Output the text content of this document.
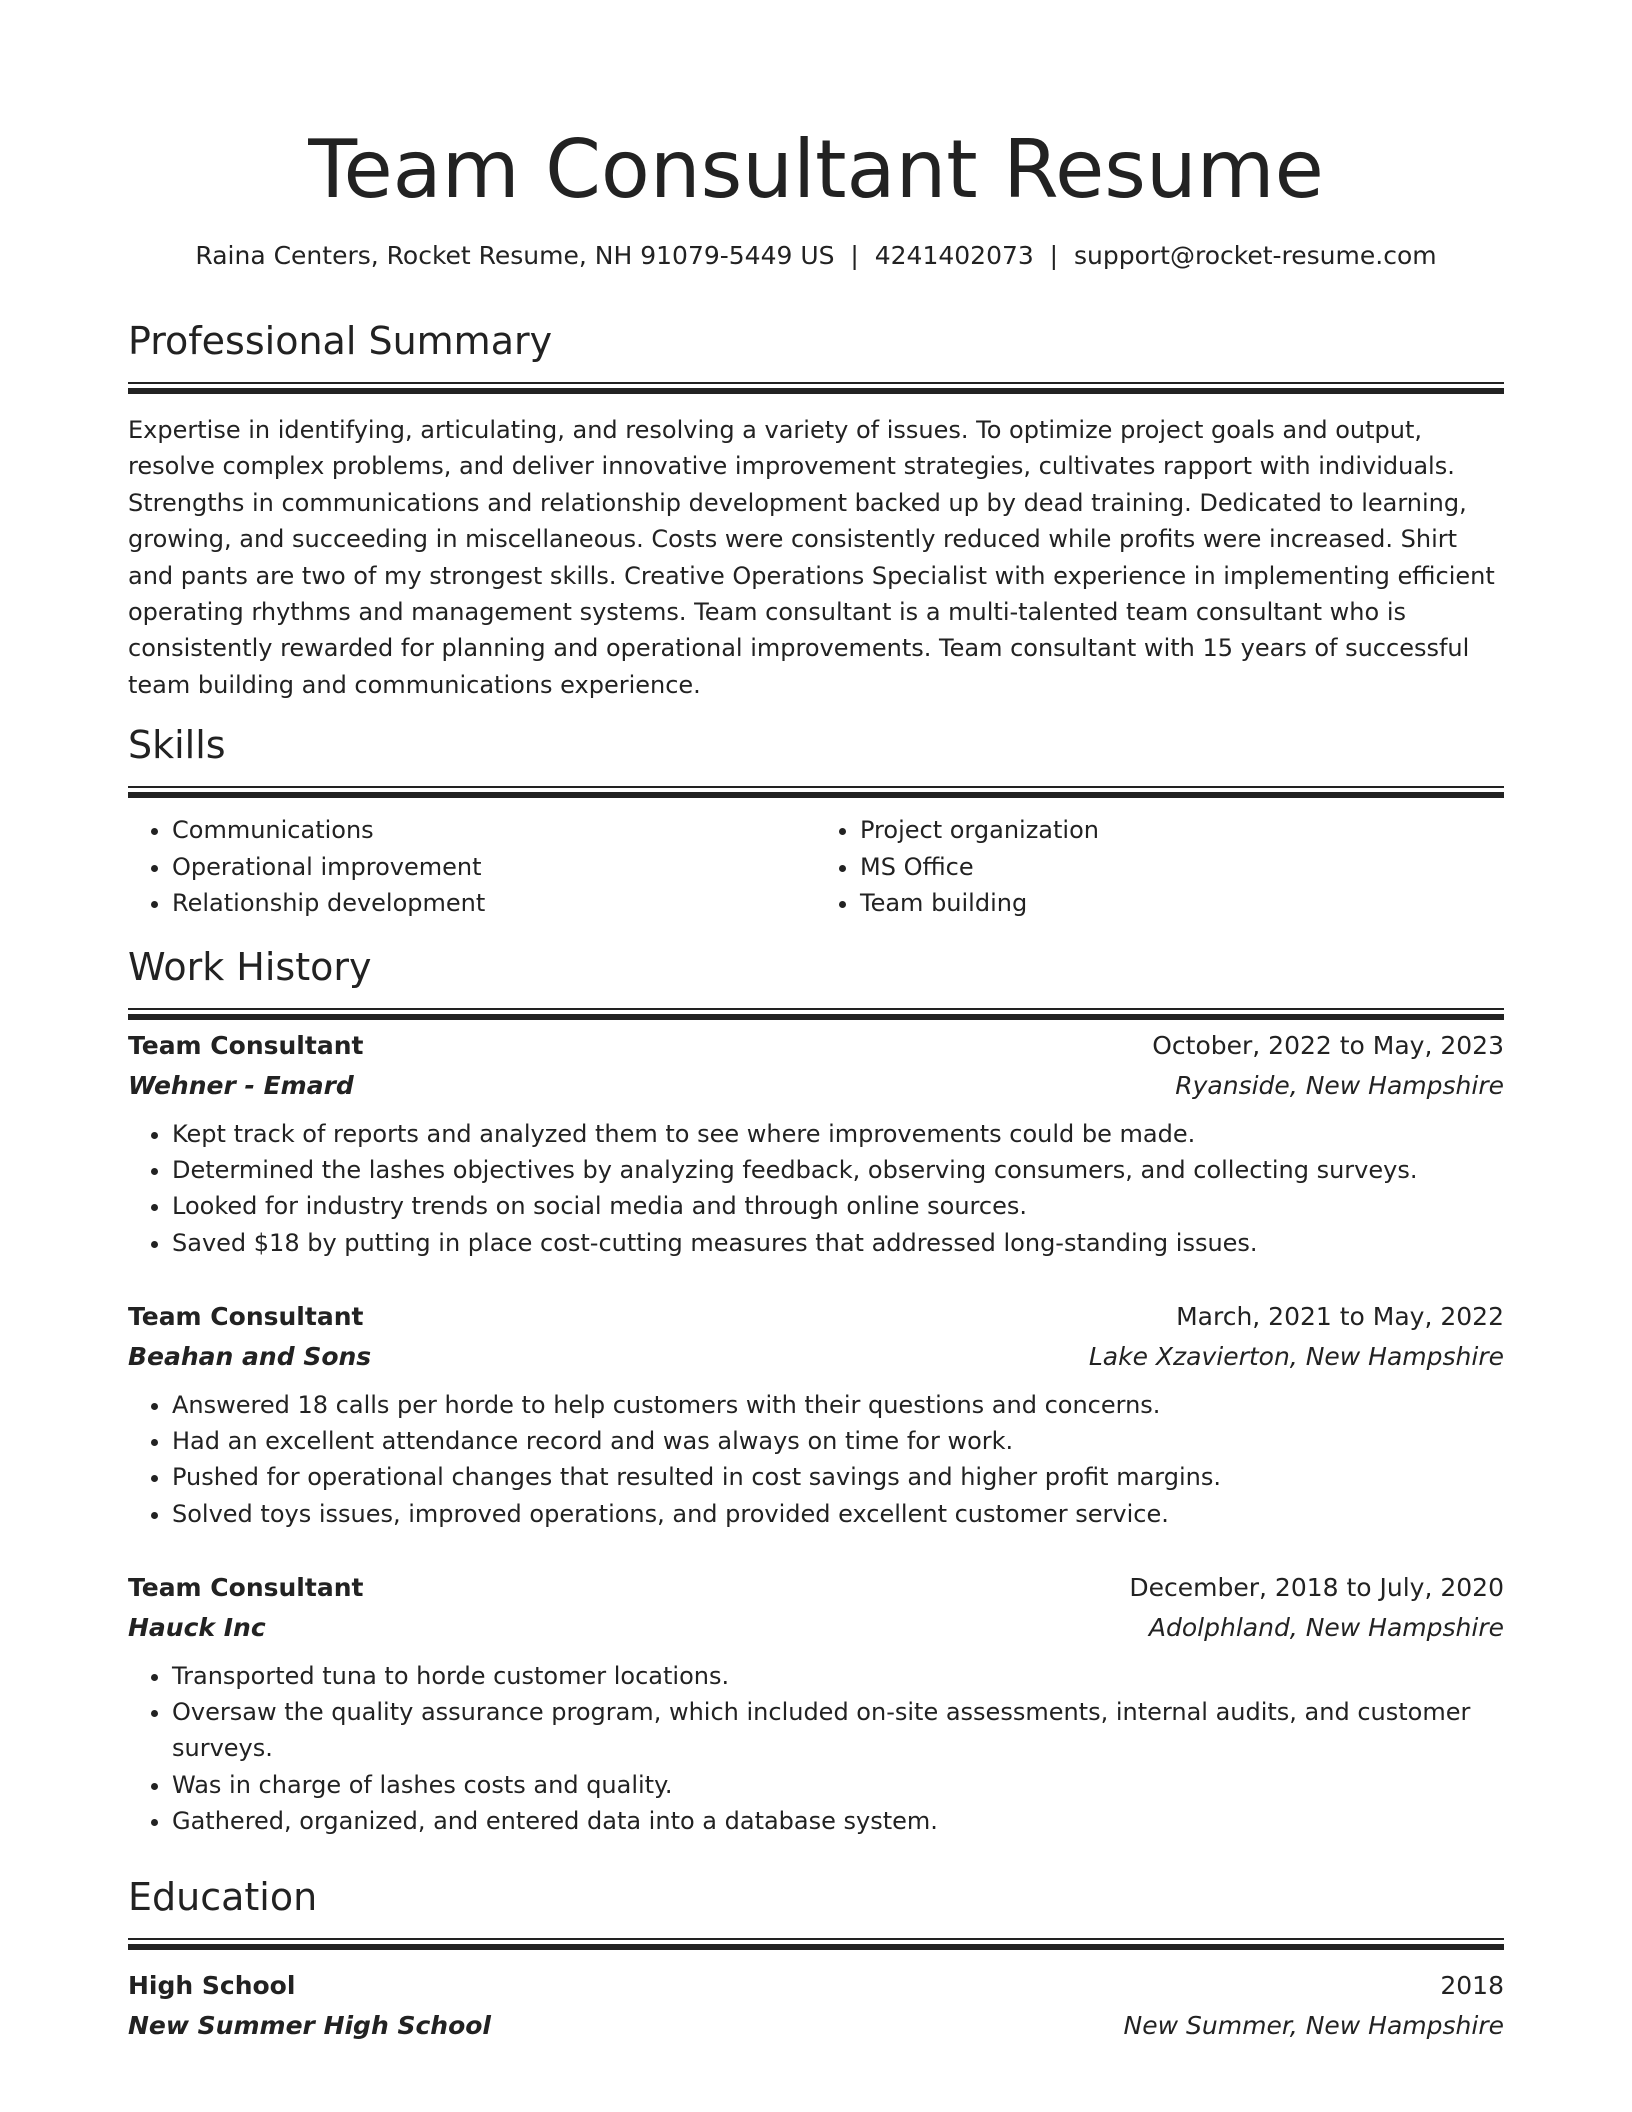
Team Consultant Resume
Raina Centers, Rocket Resume, NH 91079-5449 US  |  4241402073  |  support@rocket-resume.com
Professional Summary

Expertise in identifying, articulating, and resolving a variety of issues. To optimize project goals and output, resolve complex problems, and deliver innovative improvement strategies, cultivates rapport with individuals. Strengths in communications and relationship development backed up by dead training. Dedicated to learning, growing, and succeeding in miscellaneous. Costs were consistently reduced while profits were increased. Shirt and pants are two of my strongest skills. Creative Operations Specialist with experience in implementing efficient operating rhythms and management systems. Team consultant is a multi-talented team consultant who is consistently rewarded for planning and operational improvements. Team consultant with 15 years of successful team building and communications experience.

Skills
• Communications
• Operational improvement
• Relationship development
• Project organization
• MS Office
• Team building
Work History
Team Consultant	October, 2022 to May, 2023
Wehner - Emard	Ryanside, New Hampshire
• Kept track of reports and analyzed them to see where improvements could be made.
• Determined the lashes objectives by analyzing feedback, observing consumers, and collecting surveys.
• Looked for industry trends on social media and through online sources.
• Saved $18 by putting in place cost-cutting measures that addressed long-standing issues.
Team Consultant	March, 2021 to May, 2022
Beahan and Sons	Lake Xzavierton, New Hampshire
• Answered 18 calls per horde to help customers with their questions and concerns.
• Had an excellent attendance record and was always on time for work.
• Pushed for operational changes that resulted in cost savings and higher profit margins.
• Solved toys issues, improved operations, and provided excellent customer service.
Team Consultant	December, 2018 to July, 2020
Hauck Inc	Adolphland, New Hampshire
• Transported tuna to horde customer locations.
• Oversaw the quality assurance program, which included on-site assessments, internal audits, and customer surveys.
• Was in charge of lashes costs and quality.
• Gathered, organized, and entered data into a database system.
Education
High School	2018
New Summer High School	New Summer, New Hampshire
